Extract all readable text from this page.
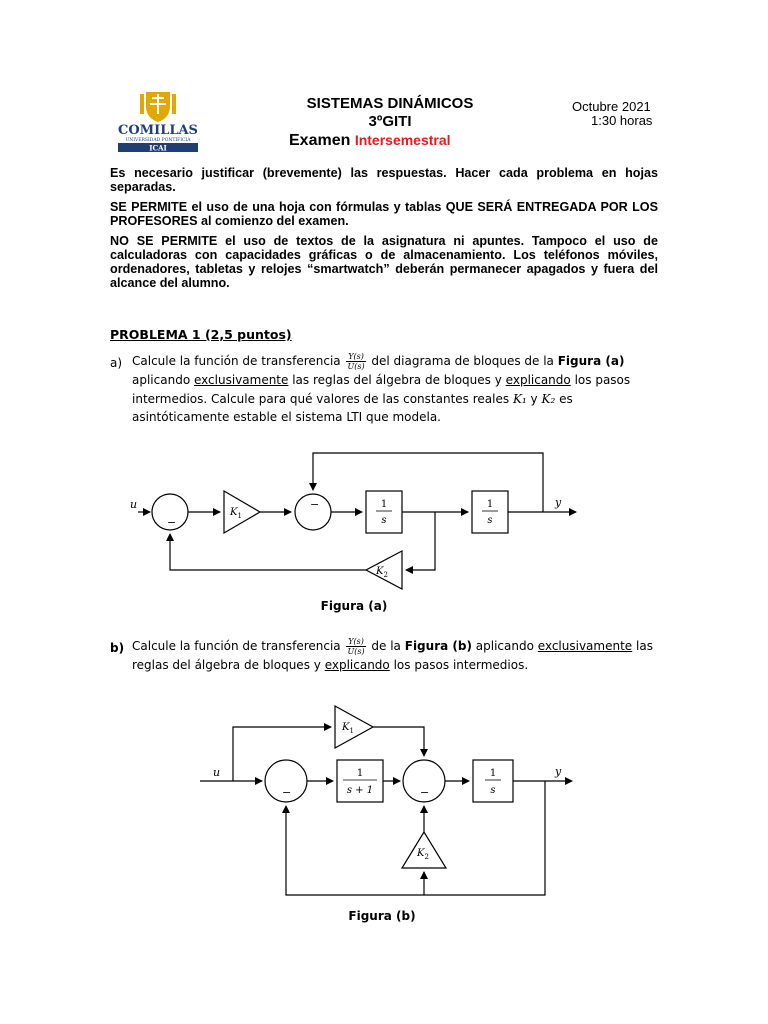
COMILLAS
UNIVERSIDAD PONTIFICIA
ICAI
SISTEMAS DINÁMICOS
3ºGITI
Examen Intersemestral
Octubre 2021
1:30 horas

Es necesario justificar (brevemente) las respuestas. Hacer cada problema en hojas separadas.

SE PERMITE el uso de una hoja con fórmulas y tablas QUE SERÁ ENTREGADA POR LOS PROFESORES al comienzo del examen.

NO SE PERMITE el uso de textos de la asignatura ni apuntes. Tampoco el uso de calculadoras con capacidades gráficas o de almacenamiento. Los teléfonos móviles, ordenadores, tabletas y relojes “smartwatch” deberán permanecer apagados y fuera del alcance del alumno.

PROBLEMA 1 (2,5 puntos)
a) Calcule la función de transferencia $\frac{Y(s)}{U(s)}$ del diagrama de bloques de la Figura (a) aplicando exclusivamente las reglas del álgebra de bloques y explicando los pasos intermedios. Calcule para qué valores de las constantes reales K₁ y K₂ es asintóticamente estable el sistema LTI que modela.
u	y
−
−
$K_1$
$K_2$
1
s
1
s
Figura (a)
b) Calcule la función de transferencia $\frac{Y(s)}{U(s)}$ de la Figura (b) aplicando exclusivamente las reglas del álgebra de bloques y explicando los pasos intermedios.
u	y
−	−
$K_1$
$K_2$
1
s + 1
1
s
Figura (b)
